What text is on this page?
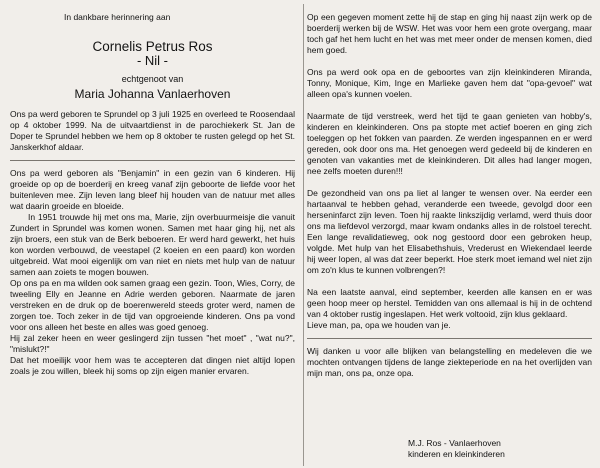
In dankbare herinnering aan

Cornelis Petrus Ros

- Nil -

echtgenoot van

Maria Johanna Vanlaerhoven

Ons pa werd geboren te Sprundel op 3 juli 1925 en overleed te Roosendaal op 4 oktober 1999. Na de uitvaartdienst in de parochiekerk St. Jan de Doper te Sprundel hebben we hem op 8 oktober te rusten gelegd op het St. Janskerkhof aldaar.

Ons pa werd geboren als "Benjamin" in een gezin van 6 kinderen. Hij groeide op op de boerderij en kreeg vanaf zijn geboorte de liefde voor het buitenleven mee. Zijn leven lang bleef hij houden van de natuur met alles wat daarin groeide en bloeide.

In 1951 trouwde hij met ons ma, Marie, zijn overbuurmeisje die vanuit Zundert in Sprundel was komen wonen. Samen met haar ging hij, net als zijn broers, een stuk van de Berk beboeren. Er werd hard gewerkt, het huis kon worden verbouwd, de veestapel (2 koeien en een paard) kon worden uitgebreid. Wat mooi eigenlijk om van niet en niets met hulp van de natuur samen aan zoiets te mogen bouwen.

Op ons pa en ma wilden ook samen graag een gezin. Toon, Wies, Corry, de tweeling Elly en Jeanne en Adrie werden geboren. Naarmate de jaren verstreken en de druk op de boerenwereld steeds groter werd, namen de zorgen toe. Toch zeker in de tijd van opgroeiende kinderen. Ons pa vond voor ons alleen het beste en alles was goed genoeg.

Hij zal zeker heen en weer geslingerd zijn tussen "het moet" , "wat nu?", "mislukt?!"

Dat het moeilijk voor hem was te accepteren dat dingen niet altijd lopen zoals je zou willen, bleek hij soms op zijn eigen manier ervaren.

Op een gegeven moment zette hij de stap en ging hij naast zijn werk op de boerderij werken bij de WSW. Het was voor hem een grote overgang, maar toch gaf het hem lucht en het was met meer onder de mensen komen, died hem goed.

Ons pa werd ook opa en de geboortes van zijn kleinkinderen Miranda, Tonny, Monique, Kim, Inge en Marlieke gaven hem dat "opa-gevoel" wat alleen opa's kunnen voelen.

Naarmate de tijd verstreek, werd het tijd te gaan genieten van hobby's, kinderen en kleinkinderen. Ons pa stopte met actief boeren en ging zich toeleggen op het fokken van paarden. Ze werden ingespannen en er werd gereden, ook door ons ma. Het genoegen werd gedeeld bij de kinderen en genoten van vakanties met de kleinkinderen. Dit alles had langer mogen, nee zelfs moeten duren!!!

De gezondheid van ons pa liet al langer te wensen over. Na eerder een hartaanval te hebben gehad, veranderde een tweede, gevolgd door een herseninfarct zijn leven. Toen hij raakte linkszijdig verlamd, werd thuis door ons ma liefdevol verzorgd, maar kwam ondanks alles in de rolstoel terecht. Een lange revalidatieweg, ook nog gestoord door een gebroken heup, volgde. Met hulp van het Elisabethshuis, Vrederust en Wiekendael leerde hij weer lopen, al was dat zeer beperkt. Hoe sterk moet iemand wel niet zijn om zo'n klus te kunnen volbrengen?!

Na een laatste aanval, eind september, keerden alle kansen en er was geen hoop meer op herstel. Temidden van ons allemaal is hij in de ochtend van 4 oktober rustig ingeslapen. Het werk voltooid, zijn klus geklaard.

Lieve man, pa, opa we houden van je.

Wij danken u voor alle blijken van belangstelling en medeleven die we mochten ontvangen tijdens de lange ziekteperiode en na het overlijden van mijn man, ons pa, onze opa.

M.J. Ros - Vanlaerhoven
kinderen en kleinkinderen
